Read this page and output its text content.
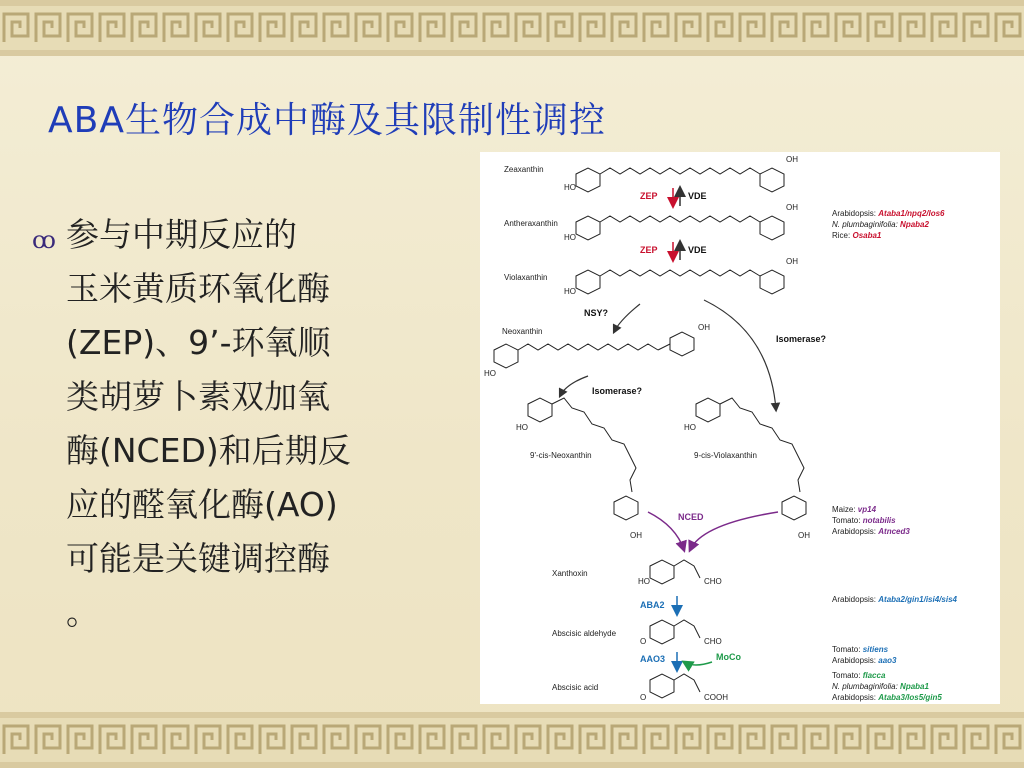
ABA生物合成中酶及其限制性调控
ꝏ 参与中期反应的
玉米黄质环氧化酶
(ZEP)、9’-环氧顺
类胡萝卜素双加氧
酶(NCED)和后期反
应的醛氧化酶(AO)
可能是关键调控酶
。
Zeaxanthin
HO
OH
ZEP	VDE
Antheraxanthin
HO
OH
ZEP	VDE
Violaxanthin
HO
OH
Arabidopsis: Ataba1/npq2/los6
N. plumbaginifolia: Npaba2
Rice: Osaba1
NSY?
Neoxanthin
HO
OH
Isomerase?
Isomerase?
HO
OH
9'-cis-Neoxanthin
HO
OH
9-cis-Violaxanthin
NCED
Maize: vp14
Tomato: notabilis
Arabidopsis: Atnced3
Xanthoxin
HO	CHO
ABA2
Arabidopsis: Ataba2/gin1/isi4/sis4
Abscisic aldehyde
O	CHO
AAO3	MoCo
Tomato: sitiens
Arabidopsis: aao3
Abscisic acid
O	COOH
Tomato: flacca
N. plumbaginifolia: Npaba1
Arabidopsis: Ataba3/los5/gin5
